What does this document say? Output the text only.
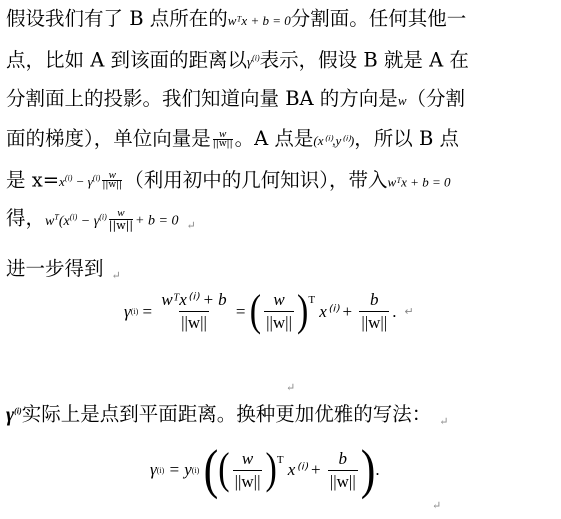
假设我们有了 B 点所在的wᵀx + b = 0分割面。任何其他一
点，比如 A 到该面的距离以$\gamma^{(i)}$表示，假设 B 就是 A 在
分割面上的投影。我们知道向量 BA 的方向是w（分割
面的梯度），单位向量是 $\frac{w}{||w||}$ 。A 点是(x⁽ⁱ⁾,y⁽ⁱ⁾)，所以 B 点
是 $x=x^{(i)} - \gamma^{(i)} \frac{w}{||w||}$ （利用初中的几何知识），带入wᵀx + b = 0
得，$w^T(x^{(i)} - \gamma^{(i)} \frac{w}{||w||} + b = 0$ $_↵$
进一步得到 $_↵$
γ $(i) = \frac{\text{wᵀx⁽ⁱ⁾ + b}}{||w||}$
=
( $\frac{w}{||w||} )^T$

x⁽ⁱ⁾
+
$\frac{b}{||w||}$ . ↵
$_↵$
$\gamma^{(i)}$实际上是点到平面距离。换种更加优雅的写法： $_↵$
γ (i)
= y (i)
( ( $\frac{w}{||w||} )^T$
x⁽ⁱ⁾
+
$\frac{b}{||w||}$ ) .
$_↵$
